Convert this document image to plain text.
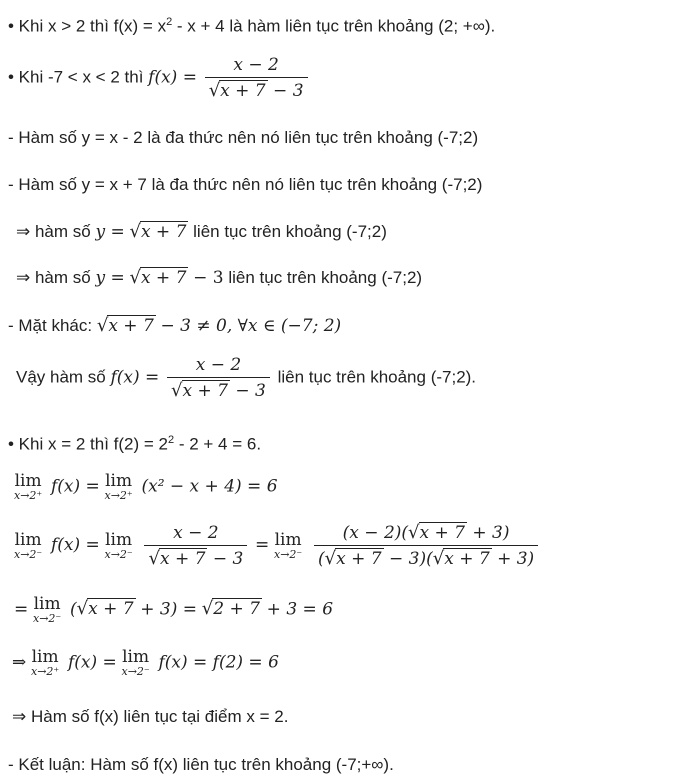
• Khi x > 2 thì $f(x) = x^2 - x + 4$ là hàm liên tục trên khoảng (2; +∞).
• Khi -7 < x < 2 thì $f(x) = \frac{x - 2}{√x + 7 - 3}$
- Hàm số y = x - 2 là đa thức nên nó liên tục trên khoảng (-7;2)
- Hàm số y = x + 7 là đa thức nên nó liên tục trên khoảng (-7;2)
⇒ hàm số y = √x + 7 liên tục trên khoảng (-7;2)
⇒ hàm số y = √x + 7 − 3 liên tục trên khoảng (-7;2)
- Mặt khác: √x + 7 − 3 ≠ 0, ∀x ∈ (−7; 2)
Vậy hàm số $f(x) = \frac{x - 2}{√x + 7 - 3}$ liên tục trên khoảng (-7;2).
• Khi x = 2 thì $f(2) = 2^2 - 2 + 4 = 6$.
lim
x→2⁺ f(x) = lim
x→2⁺ (x² − x + 4) = 6
lim
x→2⁻ f(x) = lim
x→2⁻
$\frac{x - 2}{√x + 7 - 3} = \lim$
x→2⁻
$\frac{(x - 2)(√x + 7 + 3)}{(√x + 7 - 3)(√x + 7 + 3)}$
= lim
x→2⁻ (√x + 7 + 3) = √2 + 7 + 3 = 6
⇒ lim
x→2⁺ f(x) = lim
x→2⁻ f(x) = f(2) = 6
⇒ Hàm số f(x) liên tục tại điểm x = 2.
- Kết luận: Hàm số f(x) liên tục trên khoảng (-7;+∞).
